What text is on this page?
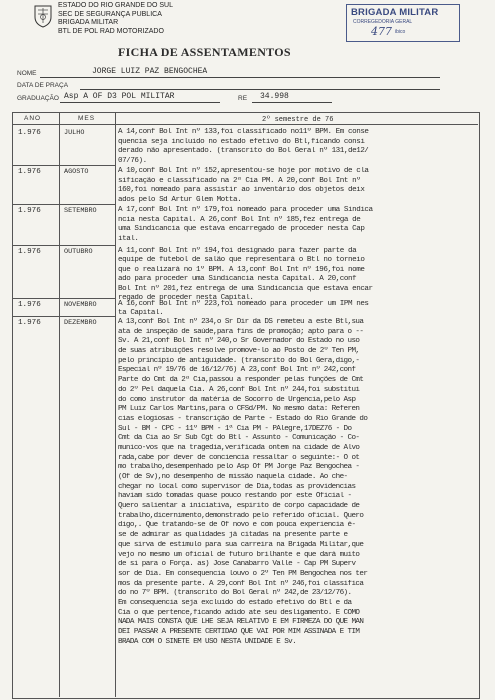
ESTADO DO RIO GRANDE DO SUL
SEC DE SEGURANÇA PUBLICA
BRIGADA MILITAR
BTL DE POL RAD MOTORIZADO
BRIGADA MILITAR
CORREGEDORIA GERAL
477 ibico
FICHA DE ASSENTAMENTOS
NOME	JORGE LUIZ PAZ BENGOCHEA
DATA DE PRAÇA
GRADUAÇÃO Asp A OF D3 POL MILITAR	RE 34.998
ANO	MES	2º semestre de 76
1.976	JULHO	A 14,conf Bol Int nº 133,foi classificado no11º BPM. Em conse
quencia seja incluido no estado efetivo do Btl,ficando consi
derado não apresentado. (transcrito do Bol Geral nº 131,de12/
07/76).
1.976	AGOSTO	A 10,conf Bol Int nº 152,apresentou-se hoje por motivo de cla
sificação e classificado na 2ª Cia PM. A 20,conf Bol Int nº
160,foi nomeado para assistir ao inventário dos objetos deix
ados pelo Sd Artur Glem Motta.
1.976	SETEMBRO	A 17,conf Bol Int nº 179,foi nomeado para proceder uma Sindica
ncia nesta Capital. A 26,conf Bol Int nº 185,fez entrega de
uma Sindicancia que estava encarregado de proceder nesta Cap
ital.
1.976	OUTUBRO	A 11,conf Bol Int nº 194,foi designado para fazer parte da
equipe de futebol de salão que representará o Btl no torneio
que o realizará no 1º BPM. A 13,conf Bol Int nº 196,foi nome
ado para proceder uma Sindicancia nesta Capital. A 20,conf
Bol Int nº 201,fez entrega de uma Sindicancia que estava encar
regado de proceder nesta Capital.
1.976	NOVEMBRO	A 16,conf Bol Int nº 223,foi nomeado para proceder um IPM nes
ta Capital.
1.976	DEZEMBRO	A 13,conf Bol Int nº 234,o Sr Dir da DS remeteu a este Btl,sua
ata de inspeção de saúde,para fins de promoção; apto para o --
Sv. A 21,conf Bol Int nº 240,o Sr Governador do Estado no uso
de suas atribuições resolve promove-lo ao Posto de 2º Ten PM,
pelo princípio de antiguidade. (transcrito do Bol Gera,digo,-
Especial nº 19/76 de 16/12/76) A 23,conf Bol Int nº 242,conf
Parte do Cmt da 2ª Cia,passou a responder pelas funções de Cmt
do 2º Pel daquela Cia. A 26,conf Bol Int nº 244,foi substitui
do como instrutor da matéria de Socorro de Urgencia,pelo Asp
PM Luiz Carlos Martins,para o CFSd/PM. No mesmo data: Referen
cias elogiosas - transcrição de Parte - Estado do Rio Grande do
Sul - BM - CPC - 11º BPM - 1ª Cia PM - PAlegre,17DEZ76 - Do
Cmt da Cia ao Sr Sub Cgt do Btl - Assunto - Comunicação - Co-
munico-vos que na tragedia,verificada ontem na cidade de Alvo
rada,cabe por dever de conciencia ressaltar o seguinte:- O ot
mo trabalho,desempenhado pelo Asp Of PM Jorge Paz Bengochea -
(Of de Sv),no desempenho de missão naquela cidade. Ao che-
chegar no local como supervisor de Dia,todas as providencias
haviam sido tomadas quase pouco restando por este Oficial -
Quero salientar a iniciativa, espirito de corpo capacidade de
trabalho,dicernimento,demonstrado pelo referido oficial. Quero
digo,. Que tratando-se de Of novo e com pouca experiencia é-
se de admirar as qualidades já citadas na presente parte e
que sirva de estimulo para sua carreira na Brigada Militar,que
vejo no mesmo um oficial de futuro brilhante e que dará muito
de si para o Força. as) Jose Canabarro Valle - Cap PM Superv
sor de Dia. Em consequencia louvo o 2º Ten PM Bengochea nos ter
mos da presente parte. A 29,conf Bol Int nº 246,foi classifica
do no 7º BPM. (transcrito do Bol Geral nº 242,de 23/12/76).
Em consequencia seja excluido do estado efetivo do Btl e da
Cia o que pertence,ficando adido ate seu desligamento. E COMO
NADA MAIS CONSTA QUE LHE SEJA RELATIVO E EM FIRMEZA DO QUE MAN
DEI PASSAR A PRESENTE CERTIDÃO QUE VAI POR MIM ASSINADA E TIM
BRADA COM O SINETE EM USO NESTA UNIDADE E Sv.
